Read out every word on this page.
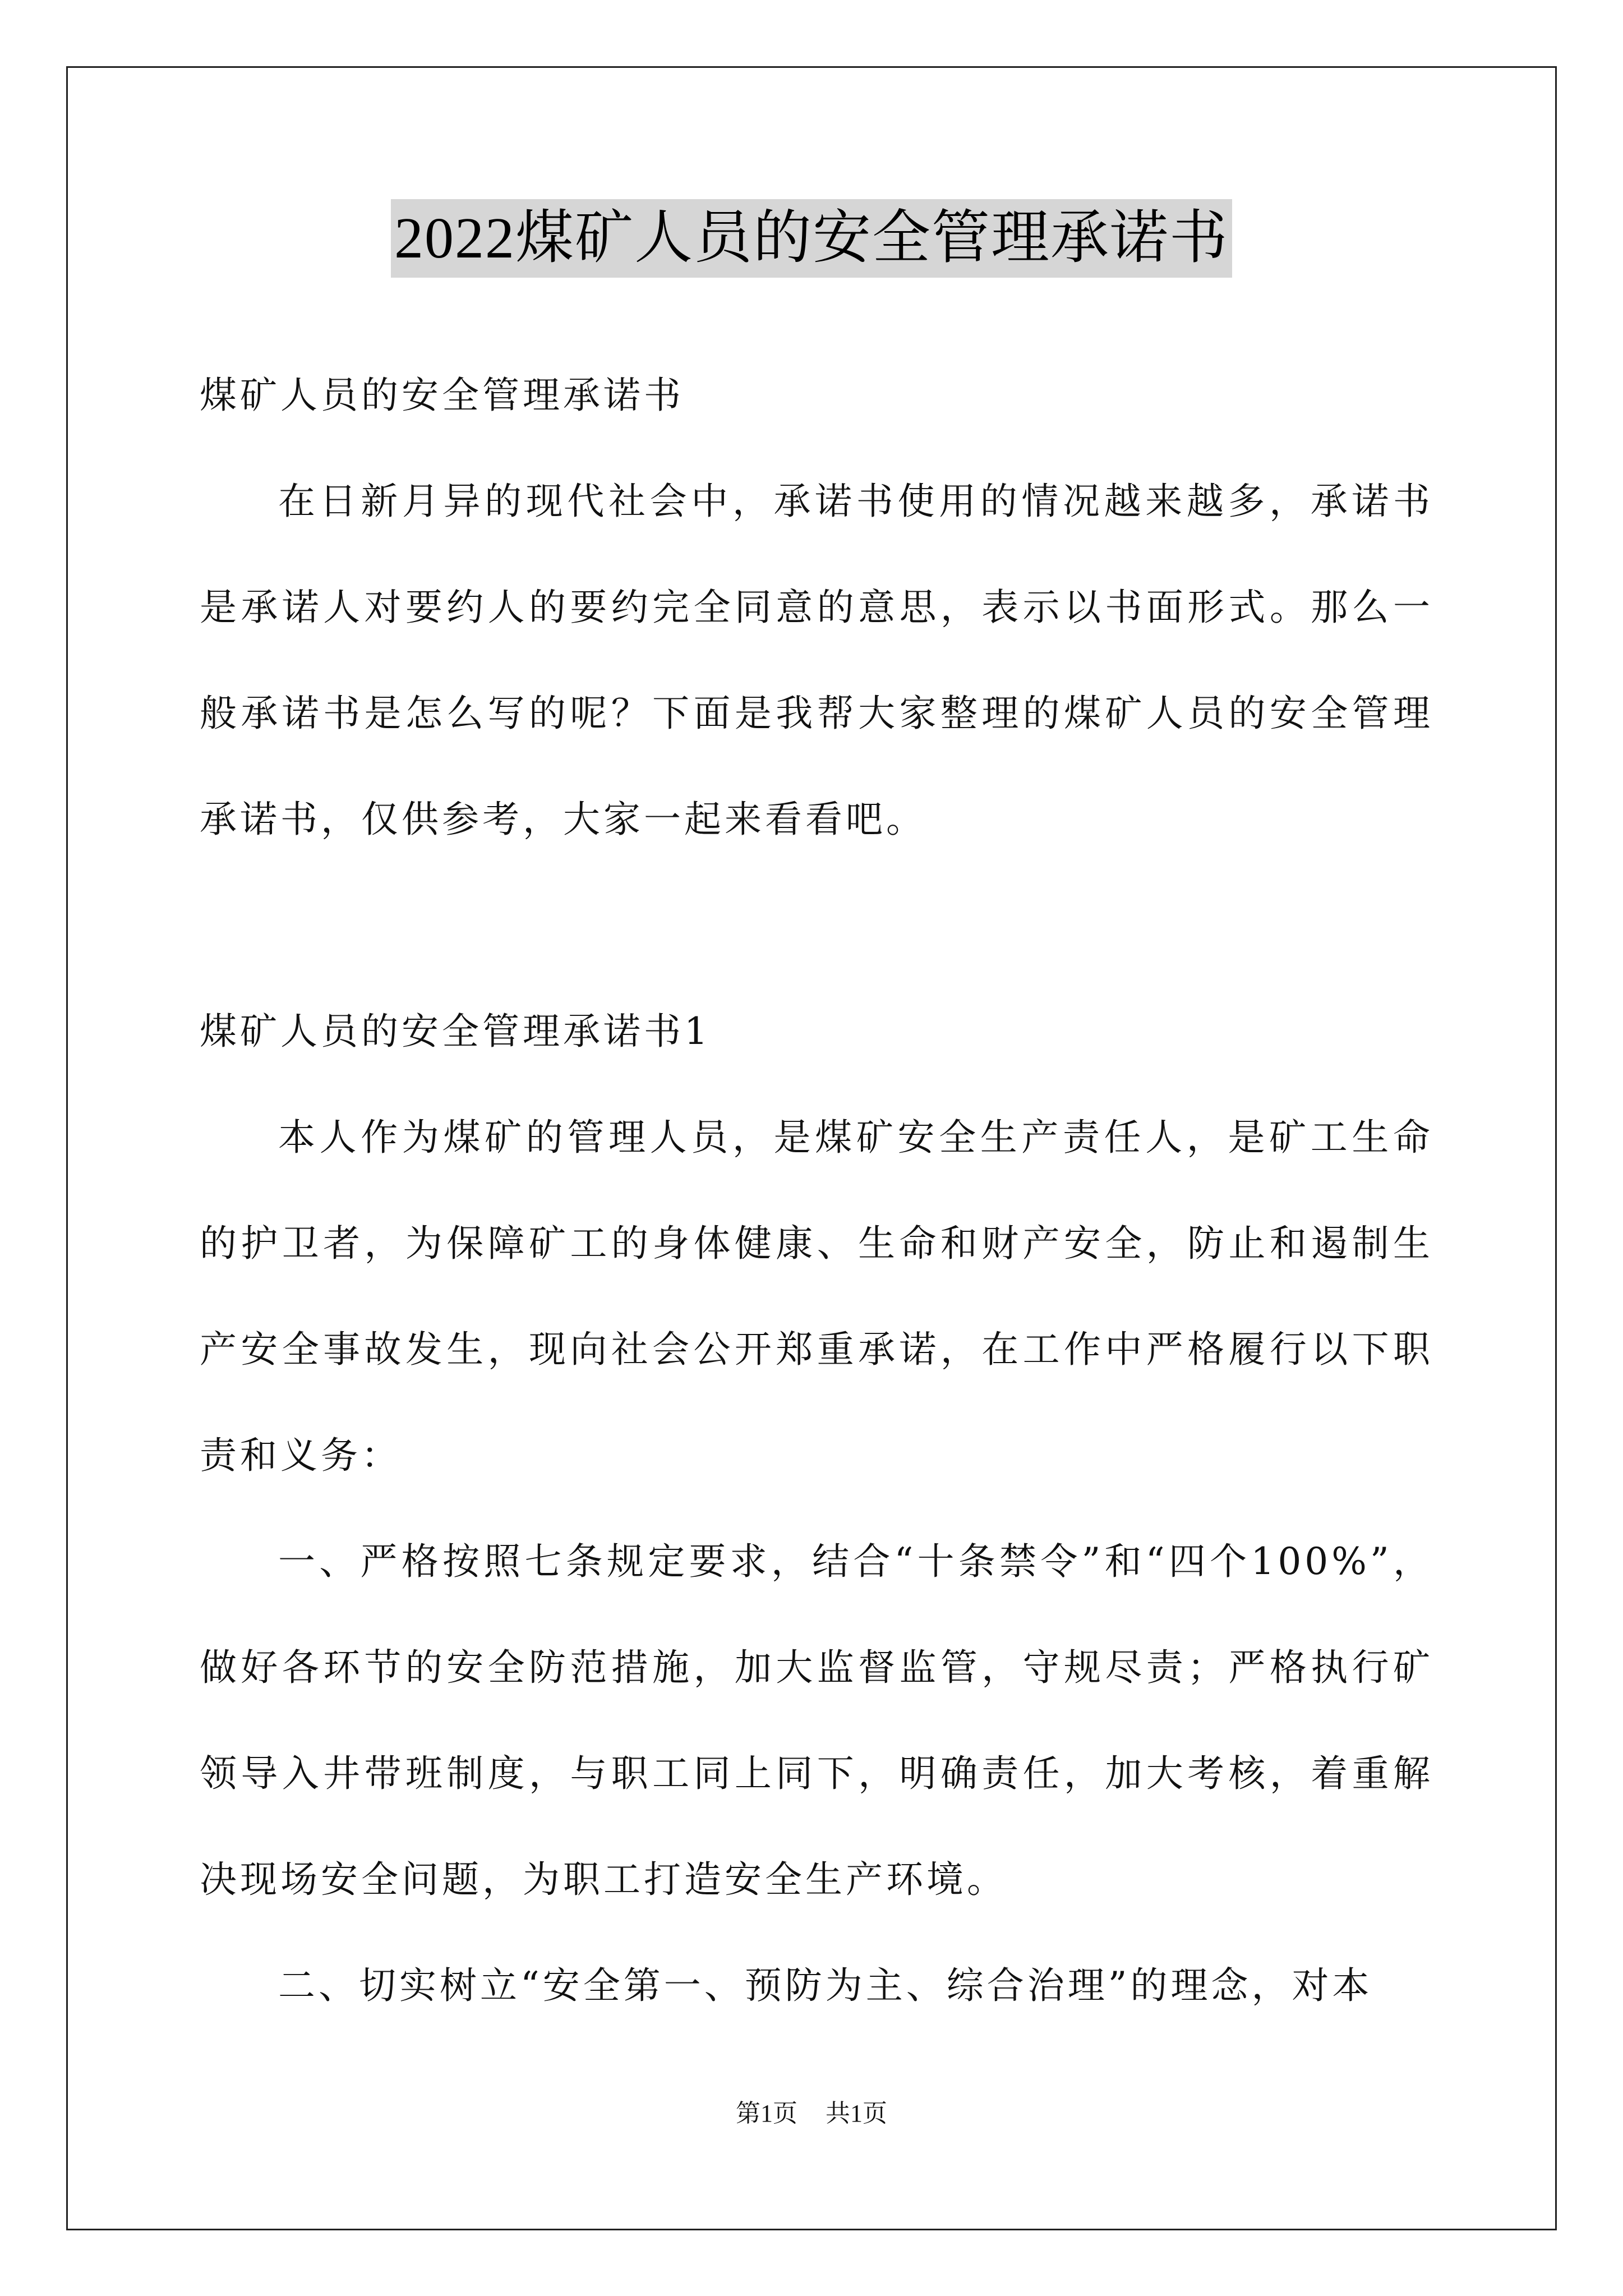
2022煤矿人员的安全管理承诺书

煤矿人员的安全管理承诺书

在日新月异的现代社会中，承诺书使用的情况越来越多，承诺书是承诺人对要约人的要约完全同意的意思，表示以书面形式。那么一般承诺书是怎么写的呢？下面是我帮大家整理的煤矿人员的安全管理承诺书，仅供参考，大家一起来看看吧。

煤矿人员的安全管理承诺书1

本人作为煤矿的管理人员，是煤矿安全生产责任人，是矿工生命的护卫者，为保障矿工的身体健康、生命和财产安全，防止和遏制生产安全事故发生，现向社会公开郑重承诺，在工作中严格履行以下职责和义务：

一、严格按照七条规定要求，结合“十条禁令”和“四个100%”，做好各环节的安全防范措施，加大监督监管，守规尽责；严格执行矿领导入井带班制度，与职工同上同下，明确责任，加大考核，着重解决现场安全问题，为职工打造安全生产环境。

二、切实树立“安全第一、预防为主、综合治理”的理念，对本

第1页 共1页
